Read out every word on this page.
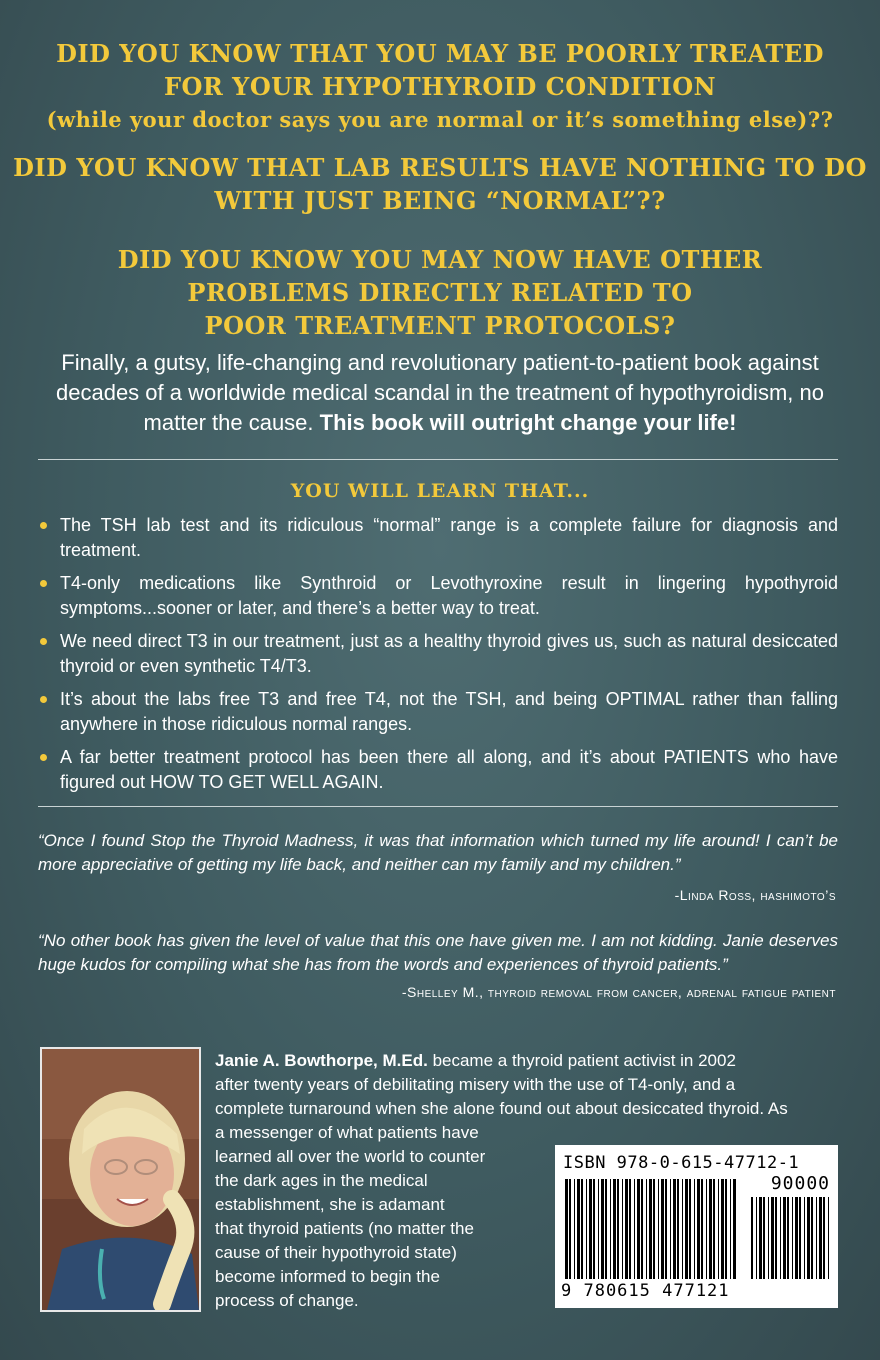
DID YOU KNOW THAT YOU MAY BE POORLY TREATED
FOR YOUR HYPOTHYROID CONDITION
(while your doctor says you are normal or it’s something else)??
DID YOU KNOW THAT LAB RESULTS HAVE NOTHING TO DO
WITH JUST BEING “NORMAL”??
DID YOU KNOW YOU MAY NOW HAVE OTHER
PROBLEMS DIRECTLY RELATED TO
POOR TREATMENT PROTOCOLS?
Finally, a gutsy, life-changing and revolutionary patient-to-patient book against decades of a worldwide medical scandal in the treatment of hypothyroidism, no matter the cause. This book will outright change your life!
YOU WILL LEARN THAT...
The TSH lab test and its ridiculous “normal” range is a complete failure for diagnosis and treatment.
T4-only medications like Synthroid or Levothyroxine result in lingering hypothyroid symptoms...sooner or later, and there’s a better way to treat.
We need direct T3 in our treatment, just as a healthy thyroid gives us, such as natural desiccated thyroid or even synthetic T4/T3.
It’s about the labs free T3 and free T4, not the TSH, and being OPTIMAL rather than falling anywhere in those ridiculous normal ranges.
A far better treatment protocol has been there all along, and it’s about PATIENTS who have figured out HOW TO GET WELL AGAIN.
“Once I found Stop the Thyroid Madness, it was that information which turned my life around! I can’t be more appreciative of getting my life back, and neither can my family and my children.”
-Linda Ross, hashimoto’s
“No other book has given the level of value that this one have given me. I am not kidding. Janie deserves huge kudos for compiling what she has from the words and experiences of thyroid patients.”
-Shelley M., thyroid removal from cancer, adrenal fatigue patient
Janie A. Bowthorpe, M.Ed. became a thyroid patient activist in 2002
after twenty years of debilitating misery with the use of T4-only, and a
complete turnaround when she alone found out about desiccated thyroid. As
a messenger of what patients have
learned all over the world to counter
the dark ages in the medical
establishment, she is adamant
that thyroid patients (no matter the
cause of their hypothyroid state)
become informed to begin the
process of change.
ISBN 978-0-615-47712-1
90000
9 780615 477121
